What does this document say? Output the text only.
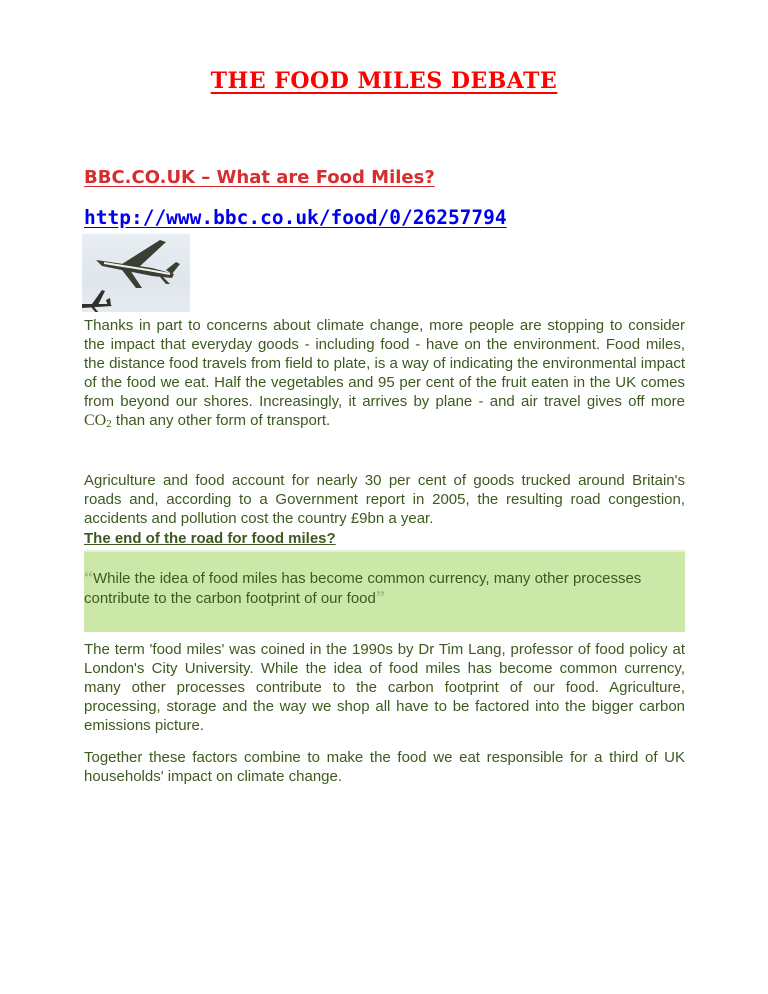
THE FOOD MILES DEBATE
BBC.CO.UK – What are Food Miles?
http://www.bbc.co.uk/food/0/26257794

Thanks in part to concerns about climate change, more people are stopping to consider the impact that everyday goods - including food - have on the environment. Food miles, the distance food travels from field to plate, is a way of indicating the environmental impact of the food we eat. Half the vegetables and 95 per cent of the fruit eaten in the UK comes from beyond our shores. Increasingly, it arrives by plane - and air travel gives off more $CO_2$ than any other form of transport.

Agriculture and food account for nearly 30 per cent of goods trucked around Britain's roads and, according to a Government report in 2005, the resulting road congestion, accidents and pollution cost the country £9bn a year.

The end of the road for food miles?

“While the idea of food miles has become common currency, many other processes contribute to the carbon footprint of our food”

The term 'food miles' was coined in the 1990s by Dr Tim Lang, professor of food policy at London's City University. While the idea of food miles has become common currency, many other processes contribute to the carbon footprint of our food. Agriculture, processing, storage and the way we shop all have to be factored into the bigger carbon emissions picture.

Together these factors combine to make the food we eat responsible for a third of UK households' impact on climate change.
